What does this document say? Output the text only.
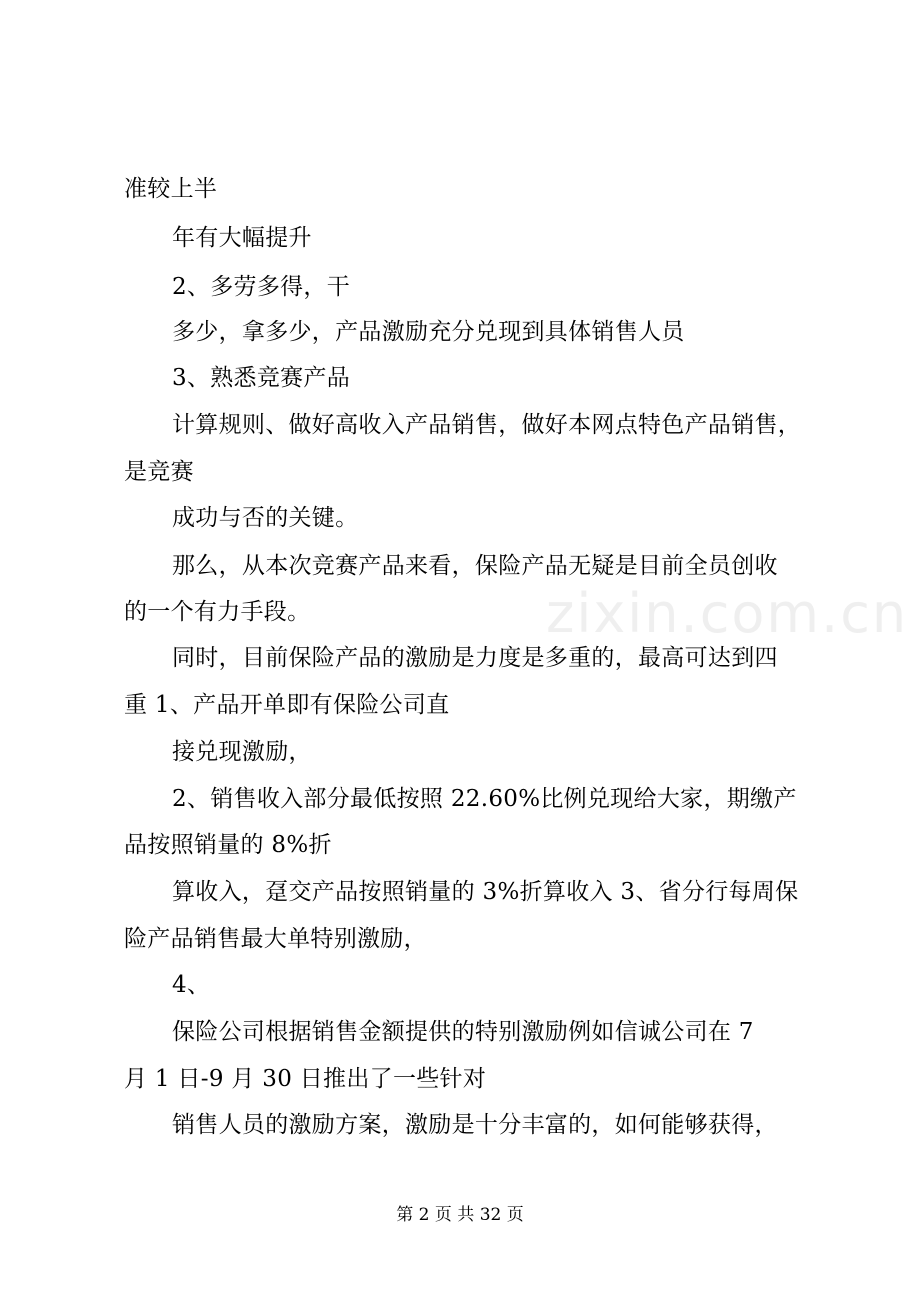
准较上半
年有大幅提升
2、多劳多得，干
多少，拿多少，产品激励充分兑现到具体销售人员
3、熟悉竞赛产品
计算规则、做好高收入产品销售，做好本网点特色产品销售，
是竞赛
成功与否的关键。
那么，从本次竞赛产品来看，保险产品无疑是目前全员创收
的一个有力手段。
同时，目前保险产品的激励是力度是多重的，最高可达到四
重 1、产品开单即有保险公司直
接兑现激励，
2、销售收入部分最低按照 22.60%比例兑现给大家，期缴产
品按照销量的 8%折
算收入，趸交产品按照销量的 3%折算收入 3、省分行每周保
险产品销售最大单特别激励，
4、
保险公司根据销售金额提供的特别激励例如信诚公司在 7
月 1 日-9 月 30 日推出了一些针对
销售人员的激励方案，激励是十分丰富的，如何能够获得，
zixin.com.cn
第 2 页 共 32 页
